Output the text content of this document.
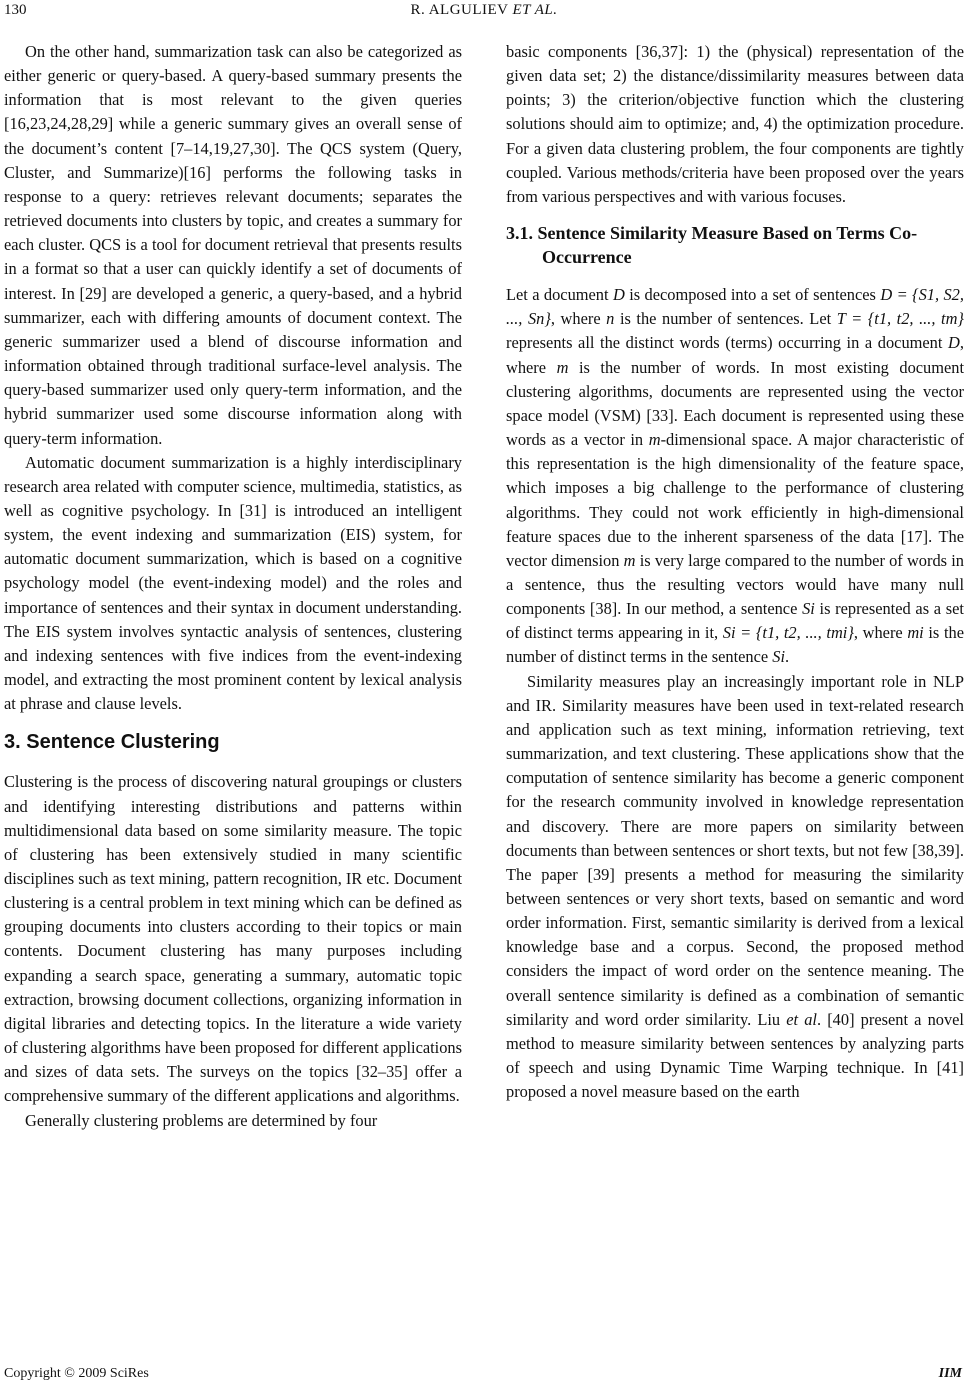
130	R. ALGULIEV ET AL.

On the other hand, summarization task can also be categorized as either generic or query-based. A query-based summary presents the information that is most relevant to the given queries [16,23,24,28,29] while a generic summary gives an overall sense of the document’s content [7–14,19,27,30]. The QCS system (Query, Cluster, and Summarize)[16] performs the following tasks in response to a query: retrieves relevant documents; separates the retrieved documents into clusters by topic, and creates a summary for each cluster. QCS is a tool for document retrieval that presents results in a format so that a user can quickly identify a set of documents of interest. In [29] are developed a generic, a query-based, and a hybrid summarizer, each with differing amounts of document context. The generic summarizer used a blend of discourse information and information obtained through traditional surface-level analysis. The query-based summarizer used only query-term information, and the hybrid summarizer used some discourse information along with query-term information.

Automatic document summarization is a highly interdisciplinary research area related with computer science, multimedia, statistics, as well as cognitive psychology. In [31] is introduced an intelligent system, the event indexing and summarization (EIS) system, for automatic document summarization, which is based on a cognitive psychology model (the event-indexing model) and the roles and importance of sentences and their syntax in document understanding. The EIS system involves syntactic analysis of sentences, clustering and indexing sentences with five indices from the event-indexing model, and extracting the most prominent content by lexical analysis at phrase and clause levels.

3. Sentence Clustering

Clustering is the process of discovering natural groupings or clusters and identifying interesting distributions and patterns within multidimensional data based on some similarity measure. The topic of clustering has been extensively studied in many scientific disciplines such as text mining, pattern recognition, IR etc. Document clustering is a central problem in text mining which can be defined as grouping documents into clusters according to their topics or main contents. Document clustering has many purposes including expanding a search space, generating a summary, automatic topic extraction, browsing document collections, organizing information in digital libraries and detecting topics. In the literature a wide variety of clustering algorithms have been proposed for different applications and sizes of data sets. The surveys on the topics [32–35] offer a comprehensive summary of the different applications and algorithms.

Generally clustering problems are determined by four

basic components [36,37]: 1) the (physical) representation of the given data set; 2) the distance/dissimilarity measures between data points; 3) the criterion/objective function which the clustering solutions should aim to optimize; and, 4) the optimization procedure. For a given data clustering problem, the four components are tightly coupled. Various methods/criteria have been proposed over the years from various perspectives and with various focuses.

3.1. Sentence Similarity Measure Based on Terms Co-Occurrence

Let a document D is decomposed into a set of sentences D = {S1, S2, ..., Sn}, where n is the number of sentences. Let T = {t1, t2, ..., tm} represents all the distinct words (terms) occurring in a document D, where m is the number of words. In most existing document clustering algorithms, documents are represented using the vector space model (VSM) [33]. Each document is represented using these words as a vector in m-dimensional space. A major characteristic of this representation is the high dimensionality of the feature space, which imposes a big challenge to the performance of clustering algorithms. They could not work efficiently in high-dimensional feature spaces due to the inherent sparseness of the data [17]. The vector dimension m is very large compared to the number of words in a sentence, thus the resulting vectors would have many null components [38]. In our method, a sentence Si is represented as a set of distinct terms appearing in it, Si = {t1, t2, ..., tmi}, where mi is the number of distinct terms in the sentence Si.

Similarity measures play an increasingly important role in NLP and IR. Similarity measures have been used in text-related research and application such as text mining, information retrieving, text summarization, and text clustering. These applications show that the computation of sentence similarity has become a generic component for the research community involved in knowledge representation and discovery. There are more papers on similarity between documents than between sentences or short texts, but not few [38,39]. The paper [39] presents a method for measuring the similarity between sentences or very short texts, based on semantic and word order information. First, semantic similarity is derived from a lexical knowledge base and a corpus. Second, the proposed method considers the impact of word order on the sentence meaning. The overall sentence similarity is defined as a combination of semantic similarity and word order similarity. Liu et al. [40] present a novel method to measure similarity between sentences by analyzing parts of speech and using Dynamic Time Warping technique. In [41] proposed a novel measure based on the earth

Copyright © 2009 SciRes	IIM
